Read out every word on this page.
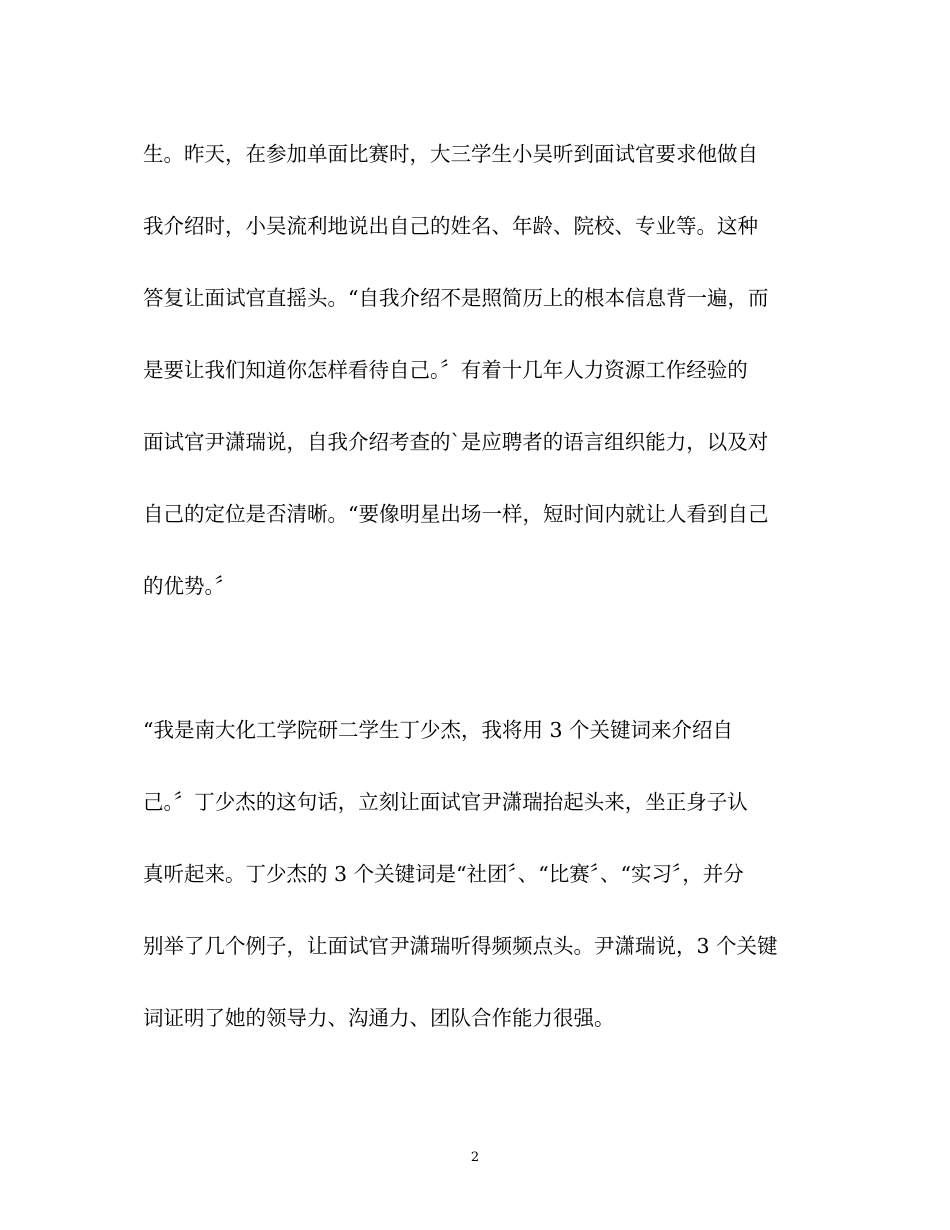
生。昨天，在参加单面比赛时，大三学生小吴听到面试官要求他做自
我介绍时，小吴流利地说出自己的姓名、年龄、院校、专业等。这种
答复让面试官直摇头。“自我介绍不是照简历上的根本信息背一遍，而
是要让我们知道你怎样看待自己。〞有着十几年人力资源工作经验的
面试官尹潇瑞说，自我介绍考查的`是应聘者的语言组织能力，以及对
自己的定位是否清晰。“要像明星出场一样，短时间内就让人看到自己
的优势。〞
“我是南大化工学院研二学生丁少杰，我将用 3 个关键词来介绍自
己。〞丁少杰的这句话，立刻让面试官尹潇瑞抬起头来，坐正身子认
真听起来。丁少杰的 3 个关键词是“社团〞、“比赛〞、“实习〞，并分
别举了几个例子，让面试官尹潇瑞听得频频点头。尹潇瑞说，3 个关键
词证明了她的领导力、沟通力、团队合作能力很强。
2
